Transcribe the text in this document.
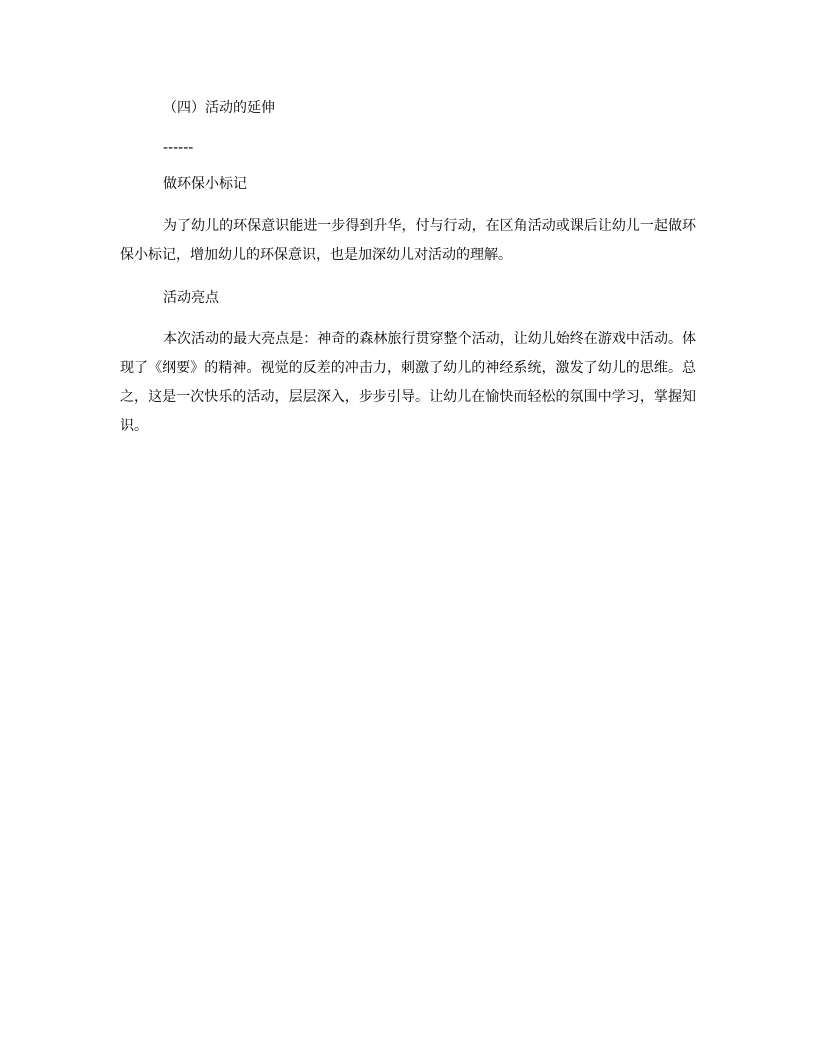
（四）活动的延伸
------
做环保小标记
为了幼儿的环保意识能进一步得到升华，付与行动，在区角活动或课后让幼儿一起做环保小标记，增加幼儿的环保意识，也是加深幼儿对活动的理解。
活动亮点
本次活动的最大亮点是：神奇的森林旅行贯穿整个活动，让幼儿始终在游戏中活动。体现了《纲要》的精神。视觉的反差的冲击力，刺激了幼儿的神经系统，激发了幼儿的思维。总之，这是一次快乐的活动，层层深入，步步引导。让幼儿在愉快而轻松的氛围中学习，掌握知识。
